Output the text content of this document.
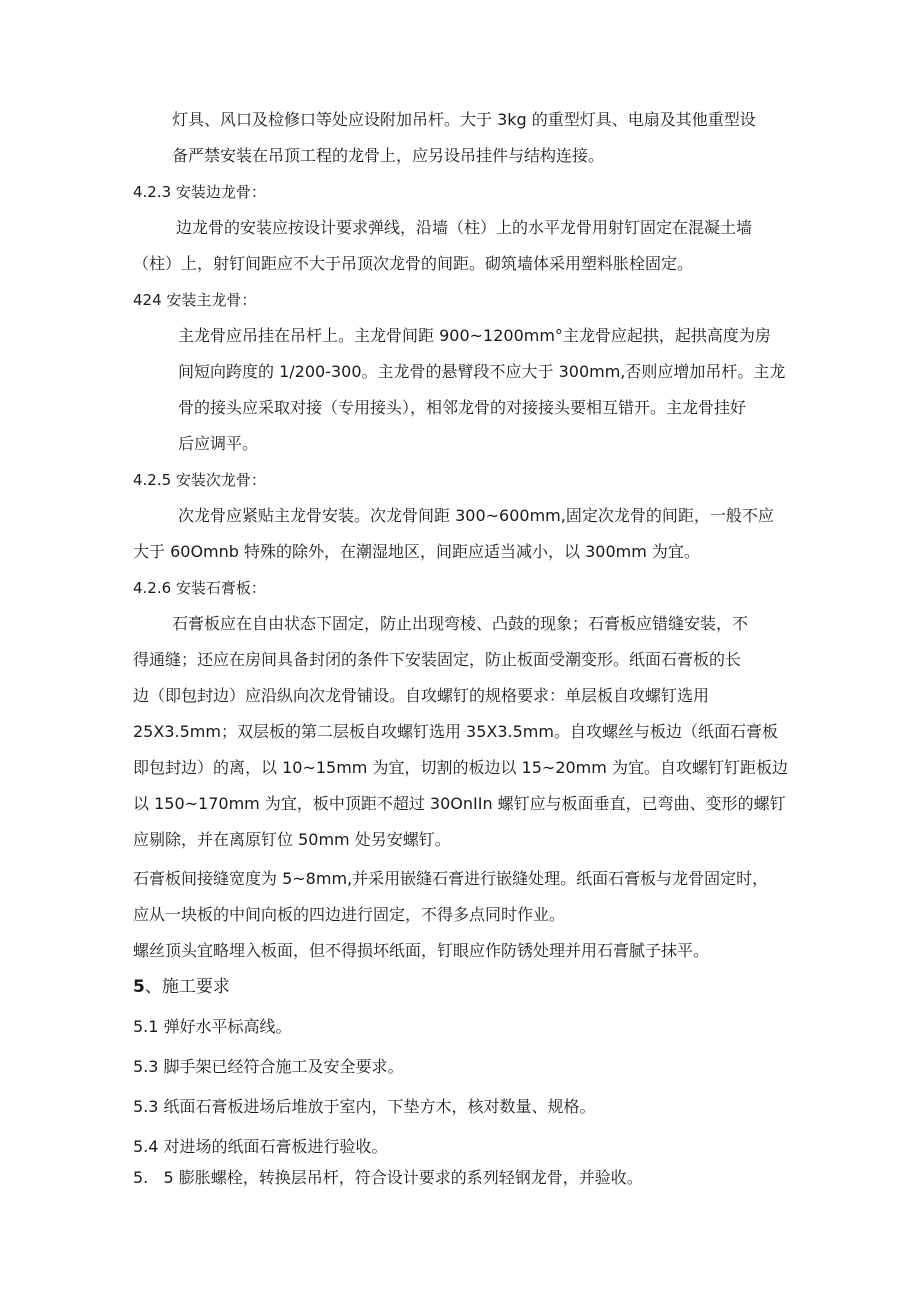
灯具、风口及检修口等处应设附加吊杆。大于 3kg 的重型灯具、电扇及其他重型设

备严禁安装在吊顶工程的龙骨上，应另设吊挂件与结构连接。

4.2.3 安装边龙骨：

边龙骨的安装应按设计要求弹线，沿墙（柱）上的水平龙骨用射钉固定在混凝土墙

（柱）上，射钉间距应不大于吊顶次龙骨的间距。砌筑墙体采用塑料胀栓固定。

424 安装主龙骨：

主龙骨应吊挂在吊杆上。主龙骨间距 900~1200mm°主龙骨应起拱，起拱高度为房

间短向跨度的 1/200-300。主龙骨的悬臂段不应大于 300mm,否则应增加吊杆。主龙

骨的接头应采取对接（专用接头），相邻龙骨的对接接头要相互错开。主龙骨挂好

后应调平。

4.2.5 安装次龙骨：

次龙骨应紧贴主龙骨安装。次龙骨间距 300~600mm,固定次龙骨的间距，一般不应

大于 60Omnb 特殊的除外，在潮湿地区，间距应适当减小，以 300mm 为宜。

4.2.6 安装石膏板：

石膏板应在自由状态下固定，防止出现弯棱、凸鼓的现象；石膏板应错缝安装，不

得通缝；还应在房间具备封闭的条件下安装固定，防止板面受潮变形。纸面石膏板的长

边（即包封边）应沿纵向次龙骨铺设。自攻螺钉的规格要求：单层板自攻螺钉选用

25X3.5mm；双层板的第二层板自攻螺钉选用 35X3.5mm。自攻螺丝与板边（纸面石膏板

即包封边）的离，以 10~15mm 为宜，切割的板边以 15~20mm 为宜。自攻螺钉钉距板边

以 150~170mm 为宜，板中顶距不超过 30OnIIn 螺钉应与板面垂直，已弯曲、变形的螺钉

应剔除，并在离原钉位 50mm 处另安螺钉。

石膏板间接缝宽度为 5~8mm,并采用嵌缝石膏进行嵌缝处理。纸面石膏板与龙骨固定时，

应从一块板的中间向板的四边进行固定，不得多点同时作业。

螺丝顶头宜略埋入板面，但不得损坏纸面，钉眼应作防锈处理并用石膏腻子抹平。

5、施工要求

5.1 弹好水平标高线。

5.3 脚手架已经符合施工及安全要求。

5.3 纸面石膏板进场后堆放于室内，下垫方木，核对数量、规格。

5.4 对进场的纸面石膏板进行验收。

5.   5 膨胀螺栓，转换层吊杆，符合设计要求的系列轻钢龙骨，并验收。
